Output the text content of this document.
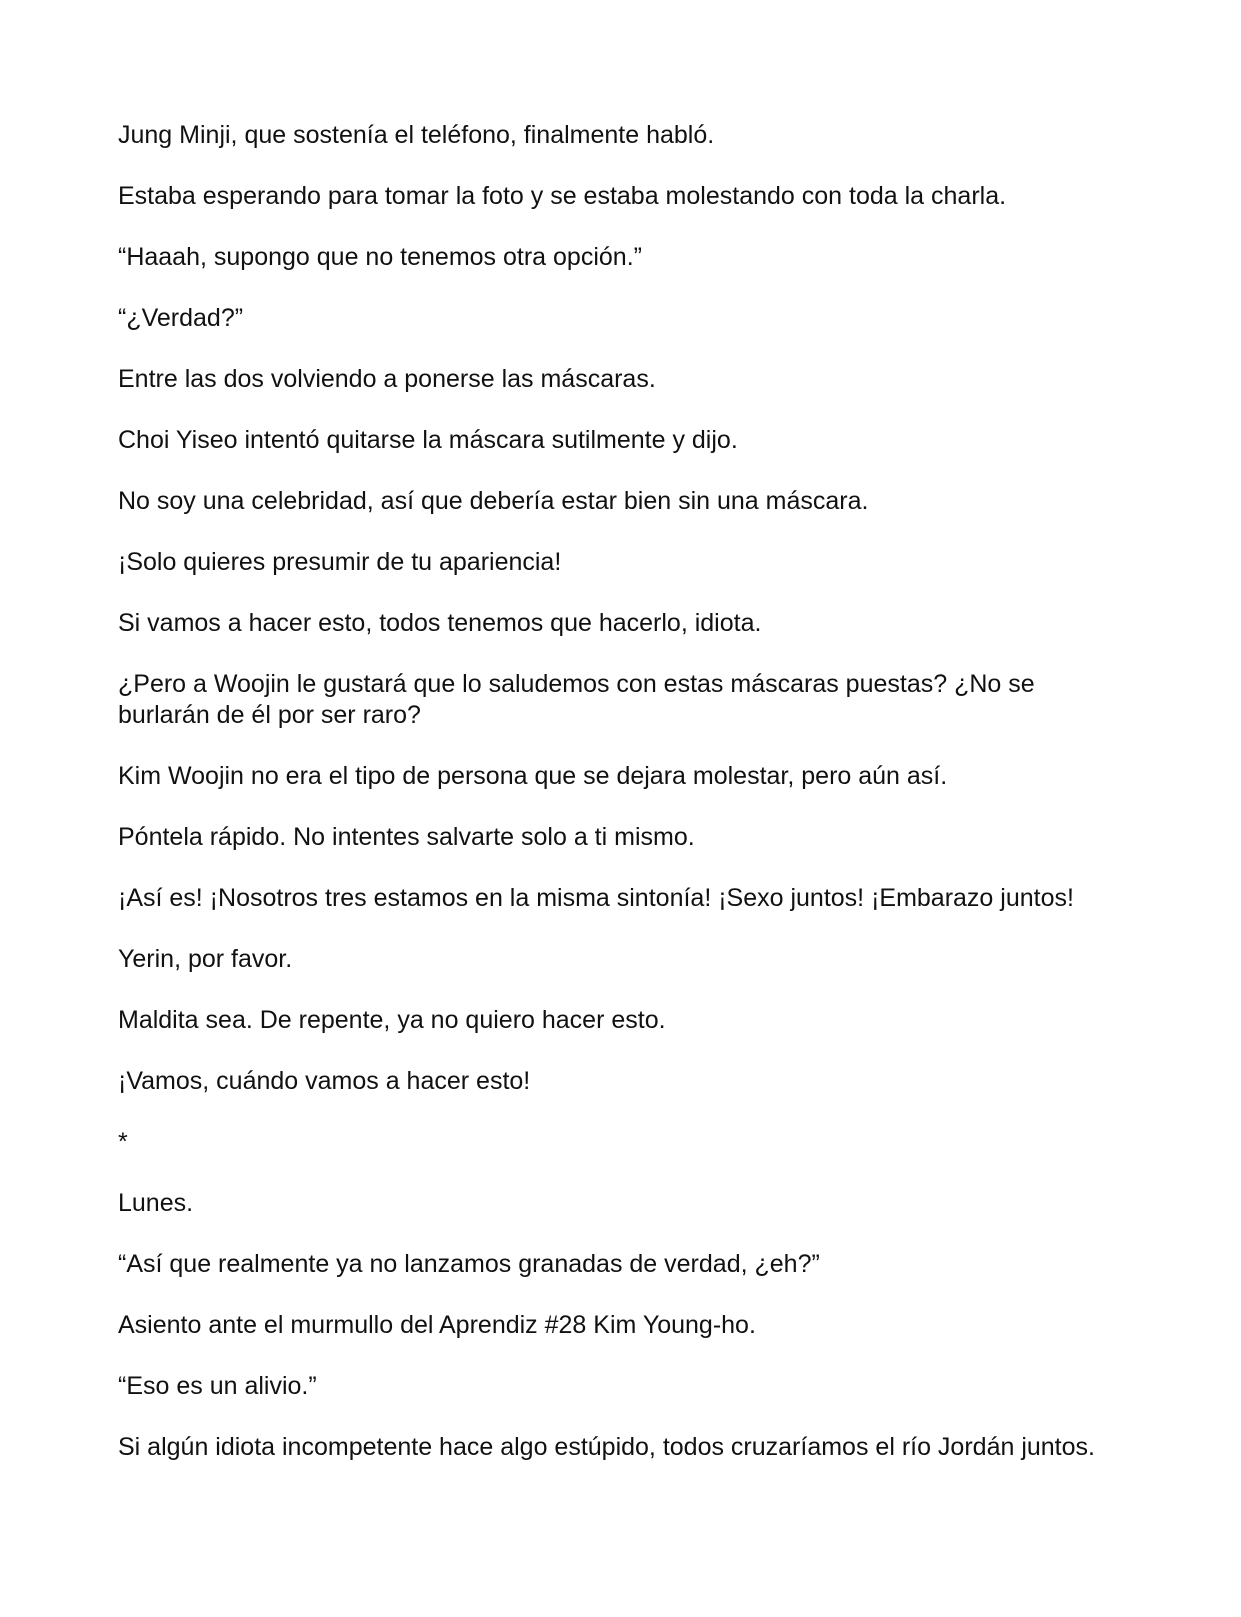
Jung Minji, que sostenía el teléfono, finalmente habló.

Estaba esperando para tomar la foto y se estaba molestando con toda la charla.

“Haaah, supongo que no tenemos otra opción.”

“¿Verdad?”

Entre las dos volviendo a ponerse las máscaras.

Choi Yiseo intentó quitarse la máscara sutilmente y dijo.

No soy una celebridad, así que debería estar bien sin una máscara.

¡Solo quieres presumir de tu apariencia!

Si vamos a hacer esto, todos tenemos que hacerlo, idiota.

¿Pero a Woojin le gustará que lo saludemos con estas máscaras puestas? ¿No se burlarán de él por ser raro?

Kim Woojin no era el tipo de persona que se dejara molestar, pero aún así.

Póntela rápido. No intentes salvarte solo a ti mismo.

¡Así es! ¡Nosotros tres estamos en la misma sintonía! ¡Sexo juntos! ¡Embarazo juntos!

Yerin, por favor.

Maldita sea. De repente, ya no quiero hacer esto.

¡Vamos, cuándo vamos a hacer esto!

*

Lunes.

“Así que realmente ya no lanzamos granadas de verdad, ¿eh?”

Asiento ante el murmullo del Aprendiz #28 Kim Young-ho.

“Eso es un alivio.”

Si algún idiota incompetente hace algo estúpido, todos cruzaríamos el río Jordán juntos.
